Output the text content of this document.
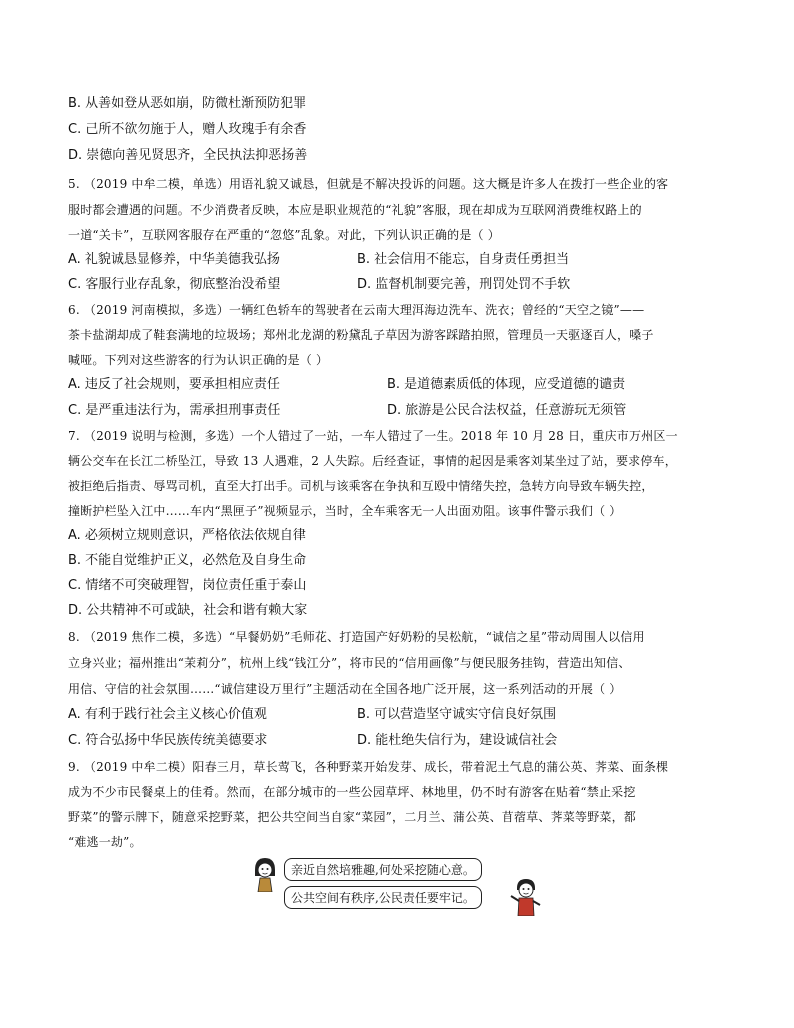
B. 从善如登从恶如崩，防微杜渐预防犯罪
C. 己所不欲勿施于人，赠人玫瑰手有余香
D. 崇德向善见贤思齐，全民执法抑恶扬善
5. （2019 中牟二模，单选）用语礼貌又诚恳，但就是不解决投诉的问题。这大概是许多人在拨打一些企业的客
服时都会遭遇的问题。不少消费者反映，本应是职业规范的“礼貌”客服，现在却成为互联网消费维权路上的
一道“关卡”，互联网客服存在严重的“忽悠”乱象。对此，下列认识正确的是（ ）
A. 礼貌诚恳显修养，中华美德我弘扬	B. 社会信用不能忘，自身责任勇担当
C. 客服行业存乱象，彻底整治没希望	D. 监督机制要完善，刑罚处罚不手软
6. （2019 河南模拟，多选）一辆红色轿车的驾驶者在云南大理洱海边洗车、洗衣；曾经的“天空之镜”——
茶卡盐湖却成了鞋套满地的垃圾场；郑州北龙湖的粉黛乱子草因为游客踩踏拍照，管理员一天驱逐百人，嗓子
喊哑。下列对这些游客的行为认识正确的是（ ）
A. 违反了社会规则，要承担相应责任	B. 是道德素质低的体现，应受道德的谴责
C. 是严重违法行为，需承担刑事责任	D. 旅游是公民合法权益，任意游玩无须管
7. （2019 说明与检测，多选）一个人错过了一站，一车人错过了一生。2018 年 10 月 28 日，重庆市万州区一
辆公交车在长江二桥坠江，导致 13 人遇难，2 人失踪。后经查证，事情的起因是乘客刘某坐过了站，要求停车，
被拒绝后指责、辱骂司机，直至大打出手。司机与该乘客在争执和互殴中情绪失控，急转方向导致车辆失控，
撞断护栏坠入江中……车内“黑匣子”视频显示，当时，全车乘客无一人出面劝阻。该事件警示我们（ ）
A. 必须树立规则意识，严格依法依规自律
B. 不能自觉维护正义，必然危及自身生命
C. 情绪不可突破理智，岗位责任重于泰山
D. 公共精神不可或缺，社会和谐有赖大家
8. （2019 焦作二模，多选）“早餐奶奶”毛师花、打造国产好奶粉的吴松航，“诚信之星”带动周围人以信用
立身兴业；福州推出“茉莉分”，杭州上线“钱江分”，将市民的“信用画像”与便民服务挂钩，营造出知信、
用信、守信的社会氛围……“诚信建设万里行”主题活动在全国各地广泛开展，这一系列活动的开展（ ）
A. 有利于践行社会主义核心价值观	B. 可以营造坚守诚实守信良好氛围
C. 符合弘扬中华民族传统美德要求	D. 能杜绝失信行为，建设诚信社会
9. （2019 中牟二模）阳春三月，草长莺飞，各种野菜开始发芽、成长，带着泥土气息的蒲公英、荠菜、面条棵
成为不少市民餐桌上的佳肴。然而，在部分城市的一些公园草坪、林地里，仍不时有游客在贴着“禁止采挖
野菜”的警示牌下，随意采挖野菜，把公共空间当自家“菜园”，二月兰、蒲公英、苜蓿草、荠菜等野菜，都
“难逃一劫”。
亲近自然培雅趣,何处采挖随心意。
公共空间有秩序,公民责任要牢记。
